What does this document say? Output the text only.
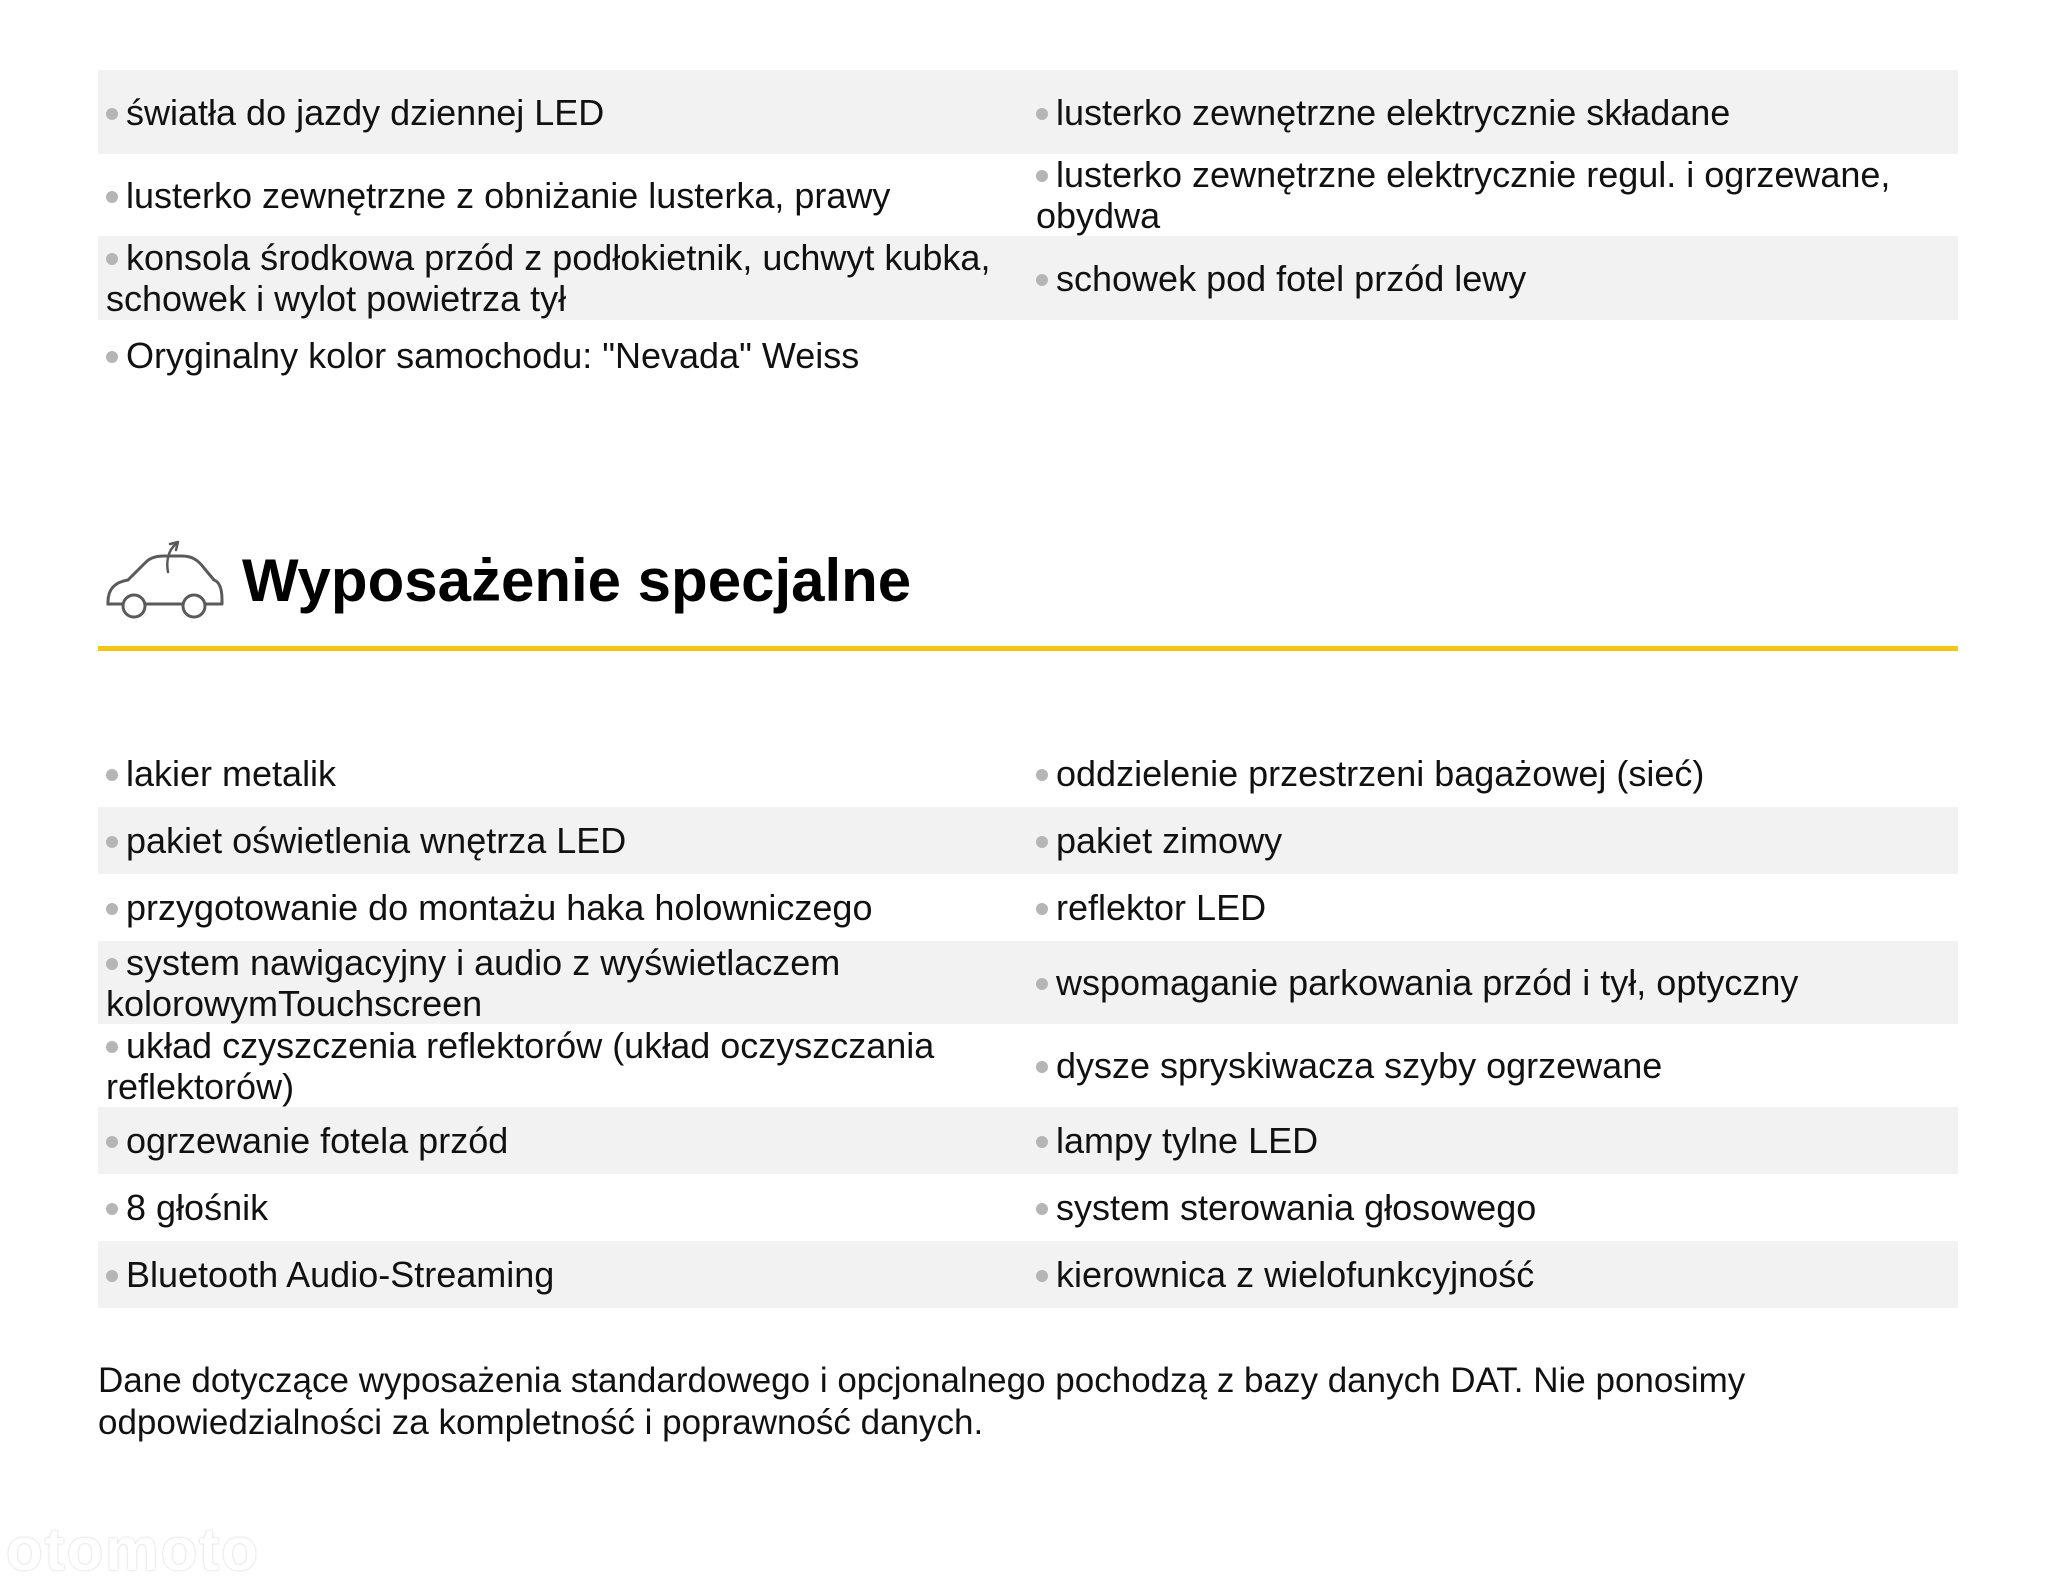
światła do jazdy dziennej LED	lusterko zewnętrzne elektrycznie składane
lusterko zewnętrzne z obniżanie lusterka, prawy	lusterko zewnętrzne elektrycznie regul. i ogrzewane, obydwa
konsola środkowa przód z podłokietnik, uchwyt kubka, schowek i wylot powietrza tył	schowek pod fotel przód lewy
Oryginalny kolor samochodu: "Nevada" Weiss
Wyposażenie specjalne
lakier metalik	oddzielenie przestrzeni bagażowej (sieć)
pakiet oświetlenia wnętrza LED	pakiet zimowy
przygotowanie do montażu haka holowniczego	reflektor LED
system nawigacyjny i audio z wyświetlaczem kolorowymTouchscreen	wspomaganie parkowania przód i tył, optyczny
układ czyszczenia reflektorów (układ oczyszczania reflektorów)	dysze spryskiwacza szyby ogrzewane
ogrzewanie fotela przód	lampy tylne LED
8 głośnik	system sterowania głosowego
Bluetooth Audio-Streaming	kierownica z wielofunkcyjność
Dane dotyczące wyposażenia standardowego i opcjonalnego pochodzą z bazy danych DAT. Nie ponosimy odpowiedzialności za kompletność i poprawność danych.
otomoto
